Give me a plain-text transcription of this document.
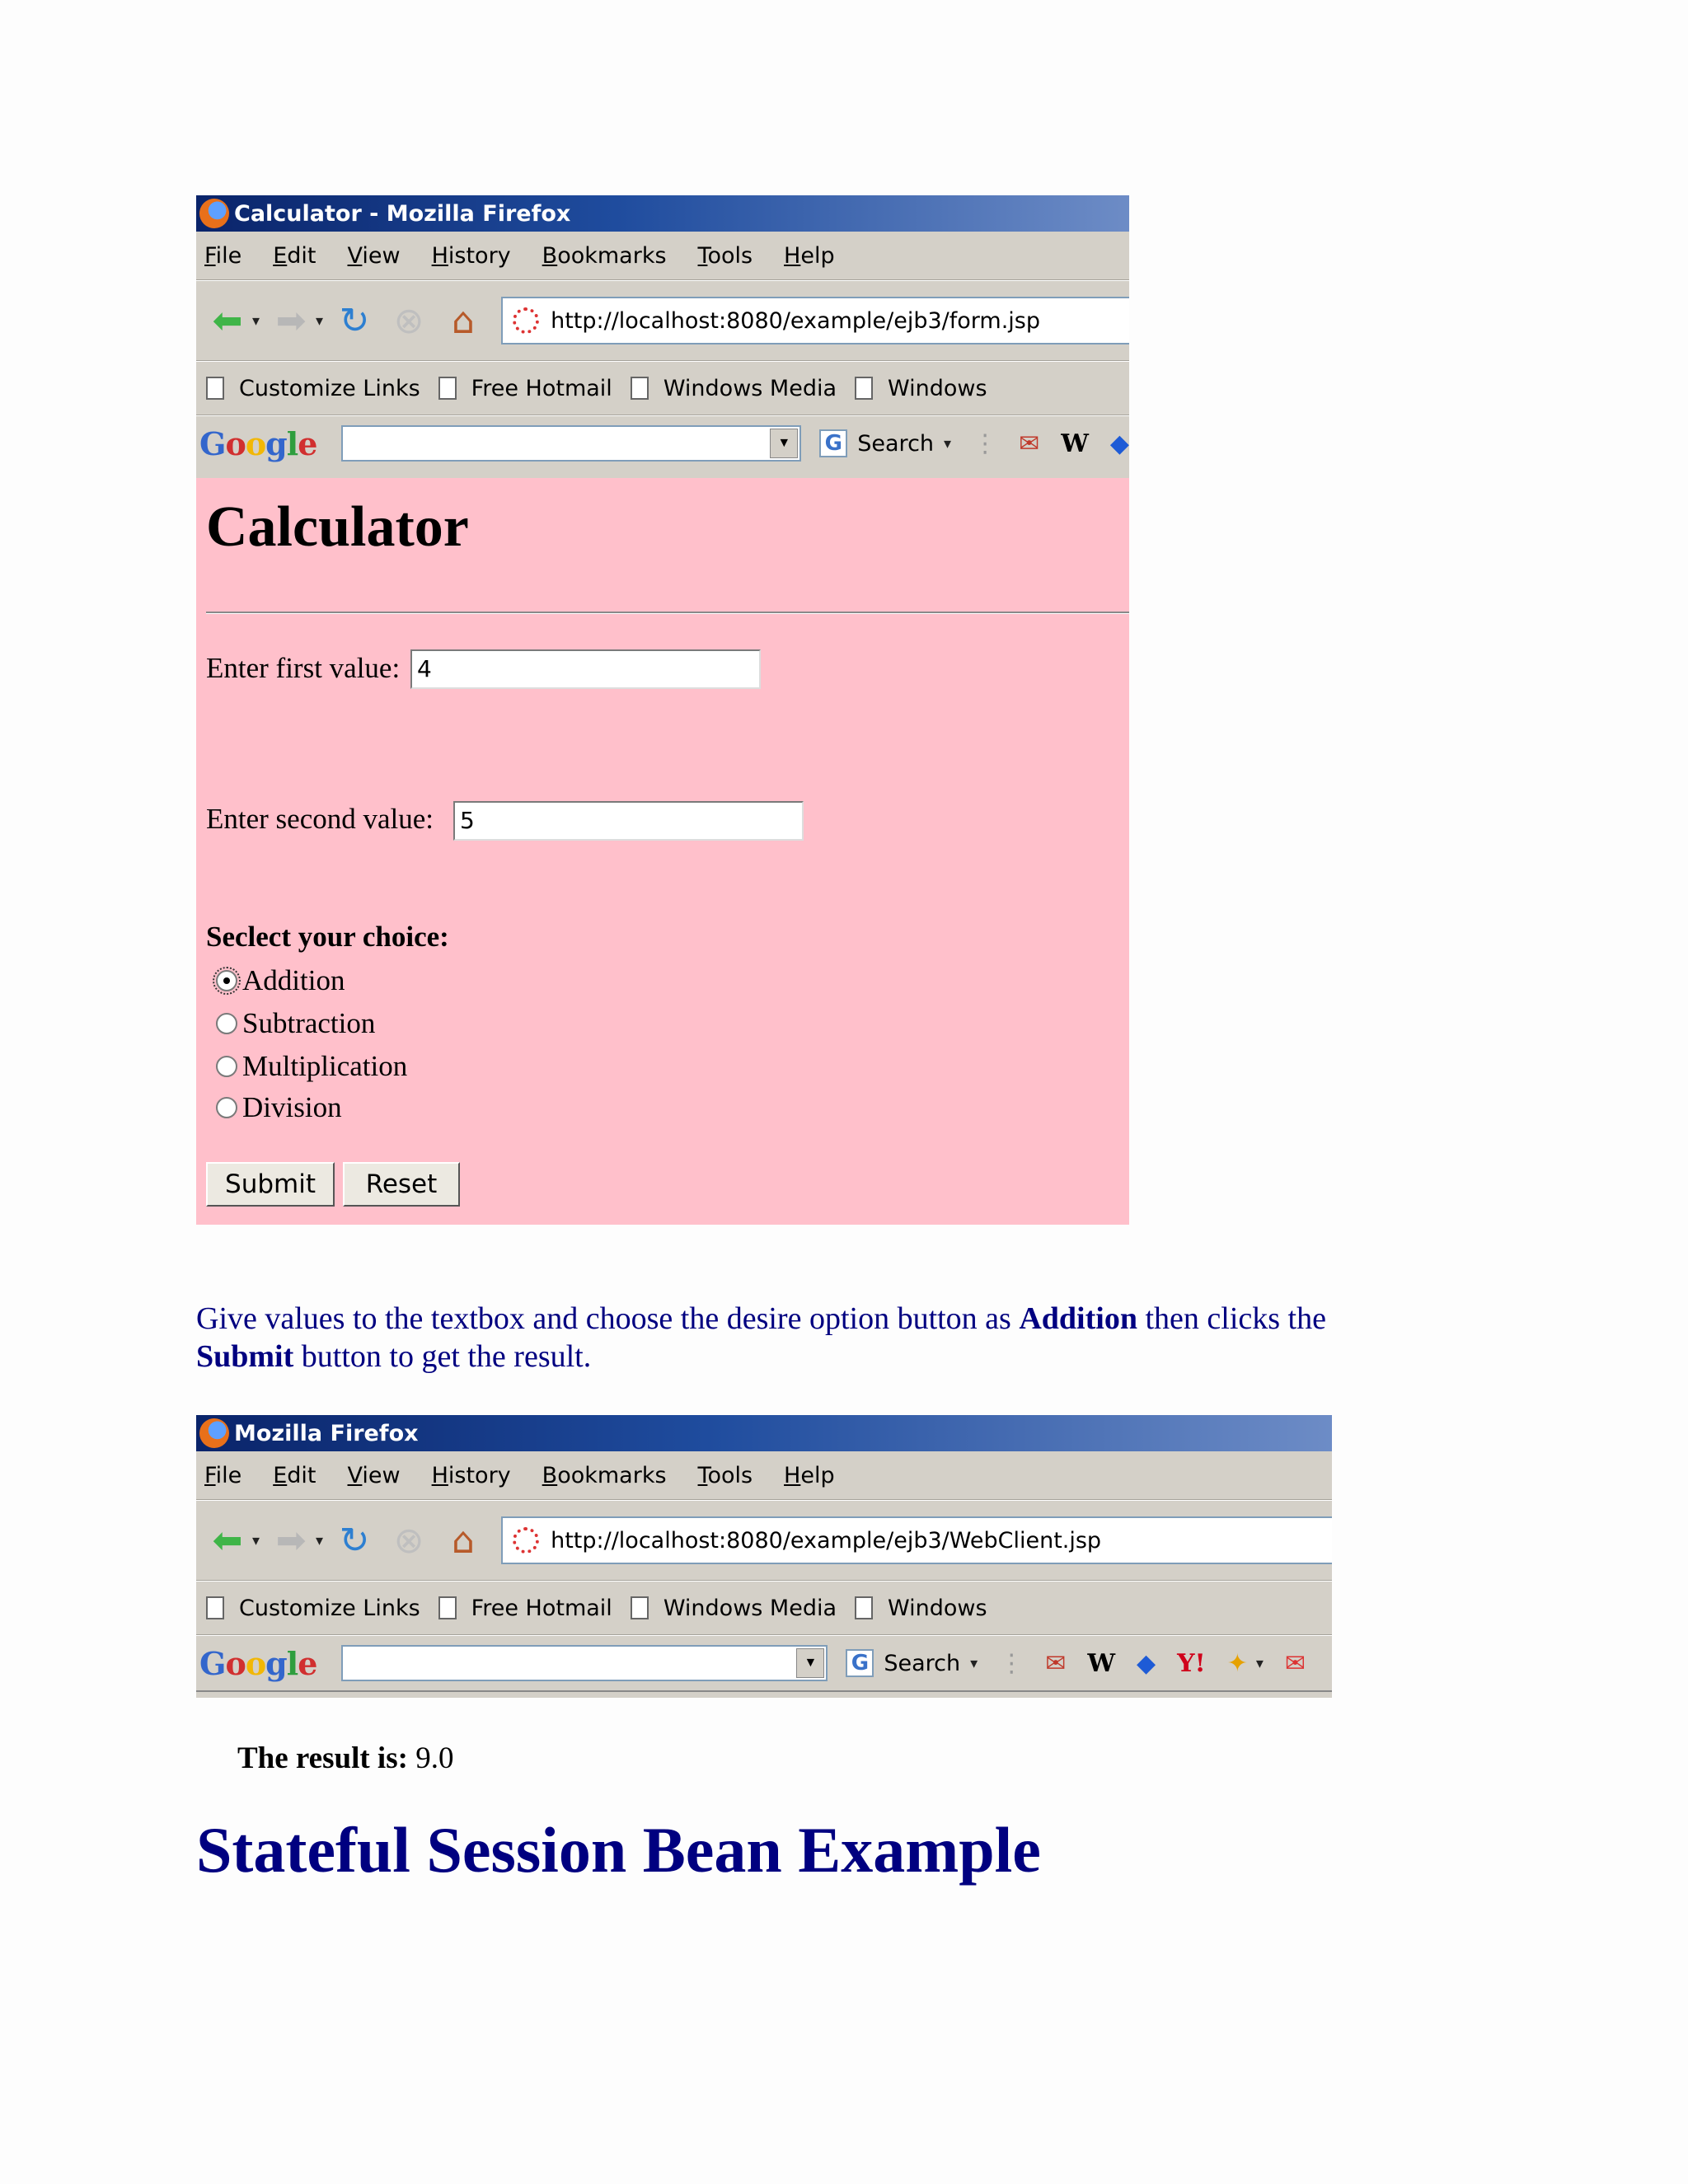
Calculator - Mozilla Firefox
File Edit View History Bookmarks Tools Help
⬅ ▾ ➡ ▾ ↻ ⊗ ⌂	http://localhost:8080/example/ejb3/form.jsp
Customize Links Free Hotmail Windows Media Windows
Google	▼	G Search ▾ ⋮ ✉ W ◆
Calculator
Enter first value: 4
Enter second value: 5
Seclect your choice:
Addition
Subtraction
Multiplication
Division
Submit	Reset
Give values to the textbox and choose the desire option button as Addition then clicks the Submit button to get the result.
Mozilla Firefox
File Edit View History Bookmarks Tools Help
⬅ ▾ ➡ ▾ ↻ ⊗ ⌂	http://localhost:8080/example/ejb3/WebClient.jsp
Customize Links Free Hotmail Windows Media Windows
Google	▼	G Search ▾ ⋮ ✉ W ◆ Y! ✦ ▾ ✉
The result is: 9.0
Stateful Session Bean Example
